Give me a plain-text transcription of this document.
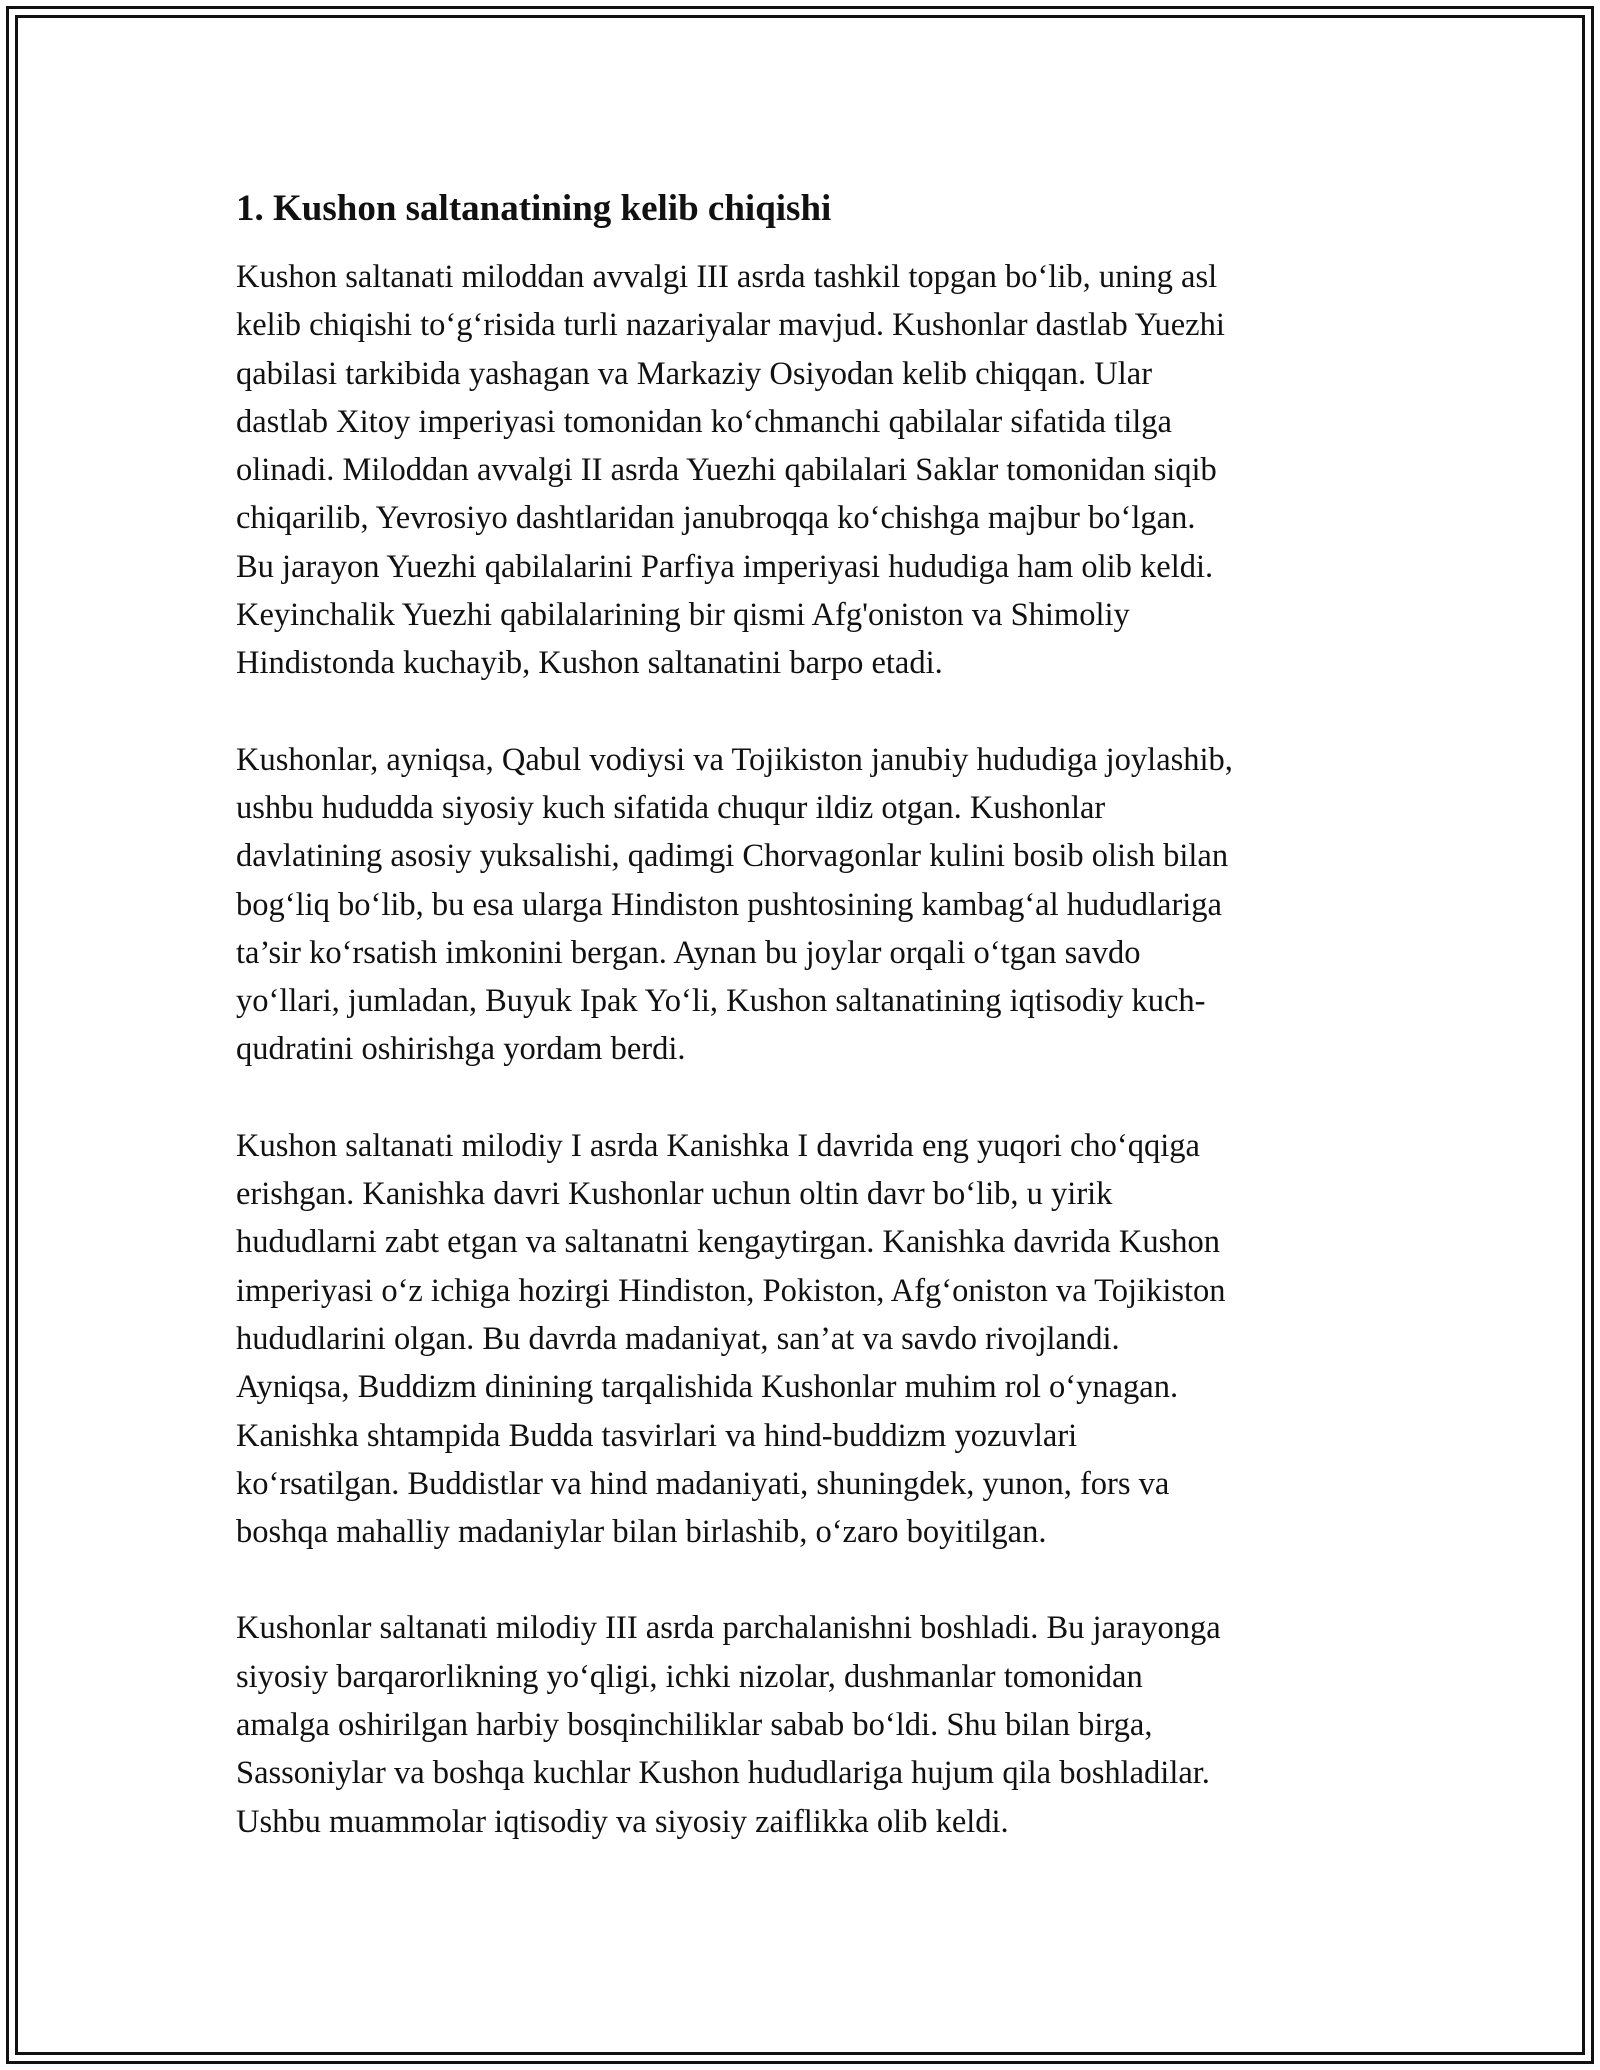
1. Kushon saltanatining kelib chiqishi

Kushon saltanati miloddan avvalgi III asrda tashkil topgan bo‘lib, uning asl
kelib chiqishi to‘g‘risida turli nazariyalar mavjud. Kushonlar dastlab Yuezhi
qabilasi tarkibida yashagan va Markaziy Osiyodan kelib chiqqan. Ular
dastlab Xitoy imperiyasi tomonidan ko‘chmanchi qabilalar sifatida tilga
olinadi. Miloddan avvalgi II asrda Yuezhi qabilalari Saklar tomonidan siqib
chiqarilib, Yevrosiyo dashtlaridan janubroqqa ko‘chishga majbur bo‘lgan.
Bu jarayon Yuezhi qabilalarini Parfiya imperiyasi hududiga ham olib keldi.
Keyinchalik Yuezhi qabilalarining bir qismi Afg'oniston va Shimoliy
Hindistonda kuchayib, Kushon saltanatini barpo etadi.

Kushonlar, ayniqsa, Qabul vodiysi va Tojikiston janubiy hududiga joylashib,
ushbu hududda siyosiy kuch sifatida chuqur ildiz otgan. Kushonlar
davlatining asosiy yuksalishi, qadimgi Chorvagonlar kulini bosib olish bilan
bog‘liq bo‘lib, bu esa ularga Hindiston pushtosining kambag‘al hududlariga
ta’sir ko‘rsatish imkonini bergan. Aynan bu joylar orqali o‘tgan savdo
yo‘llari, jumladan, Buyuk Ipak Yo‘li, Kushon saltanatining iqtisodiy kuch-
qudratini oshirishga yordam berdi.

Kushon saltanati milodiy I asrda Kanishka I davrida eng yuqori cho‘qqiga
erishgan. Kanishka davri Kushonlar uchun oltin davr bo‘lib, u yirik
hududlarni zabt etgan va saltanatni kengaytirgan. Kanishka davrida Kushon
imperiyasi o‘z ichiga hozirgi Hindiston, Pokiston, Afg‘oniston va Tojikiston
hududlarini olgan. Bu davrda madaniyat, san’at va savdo rivojlandi.
Ayniqsa, Buddizm dinining tarqalishida Kushonlar muhim rol o‘ynagan.
Kanishka shtampida Budda tasvirlari va hind-buddizm yozuvlari
ko‘rsatilgan. Buddistlar va hind madaniyati, shuningdek, yunon, fors va
boshqa mahalliy madaniylar bilan birlashib, o‘zaro boyitilgan.

Kushonlar saltanati milodiy III asrda parchalanishni boshladi. Bu jarayonga
siyosiy barqarorlikning yo‘qligi, ichki nizolar, dushmanlar tomonidan
amalga oshirilgan harbiy bosqinchiliklar sabab bo‘ldi. Shu bilan birga,
Sassoniylar va boshqa kuchlar Kushon hududlariga hujum qila boshladilar.
Ushbu muammolar iqtisodiy va siyosiy zaiflikka olib keldi.
